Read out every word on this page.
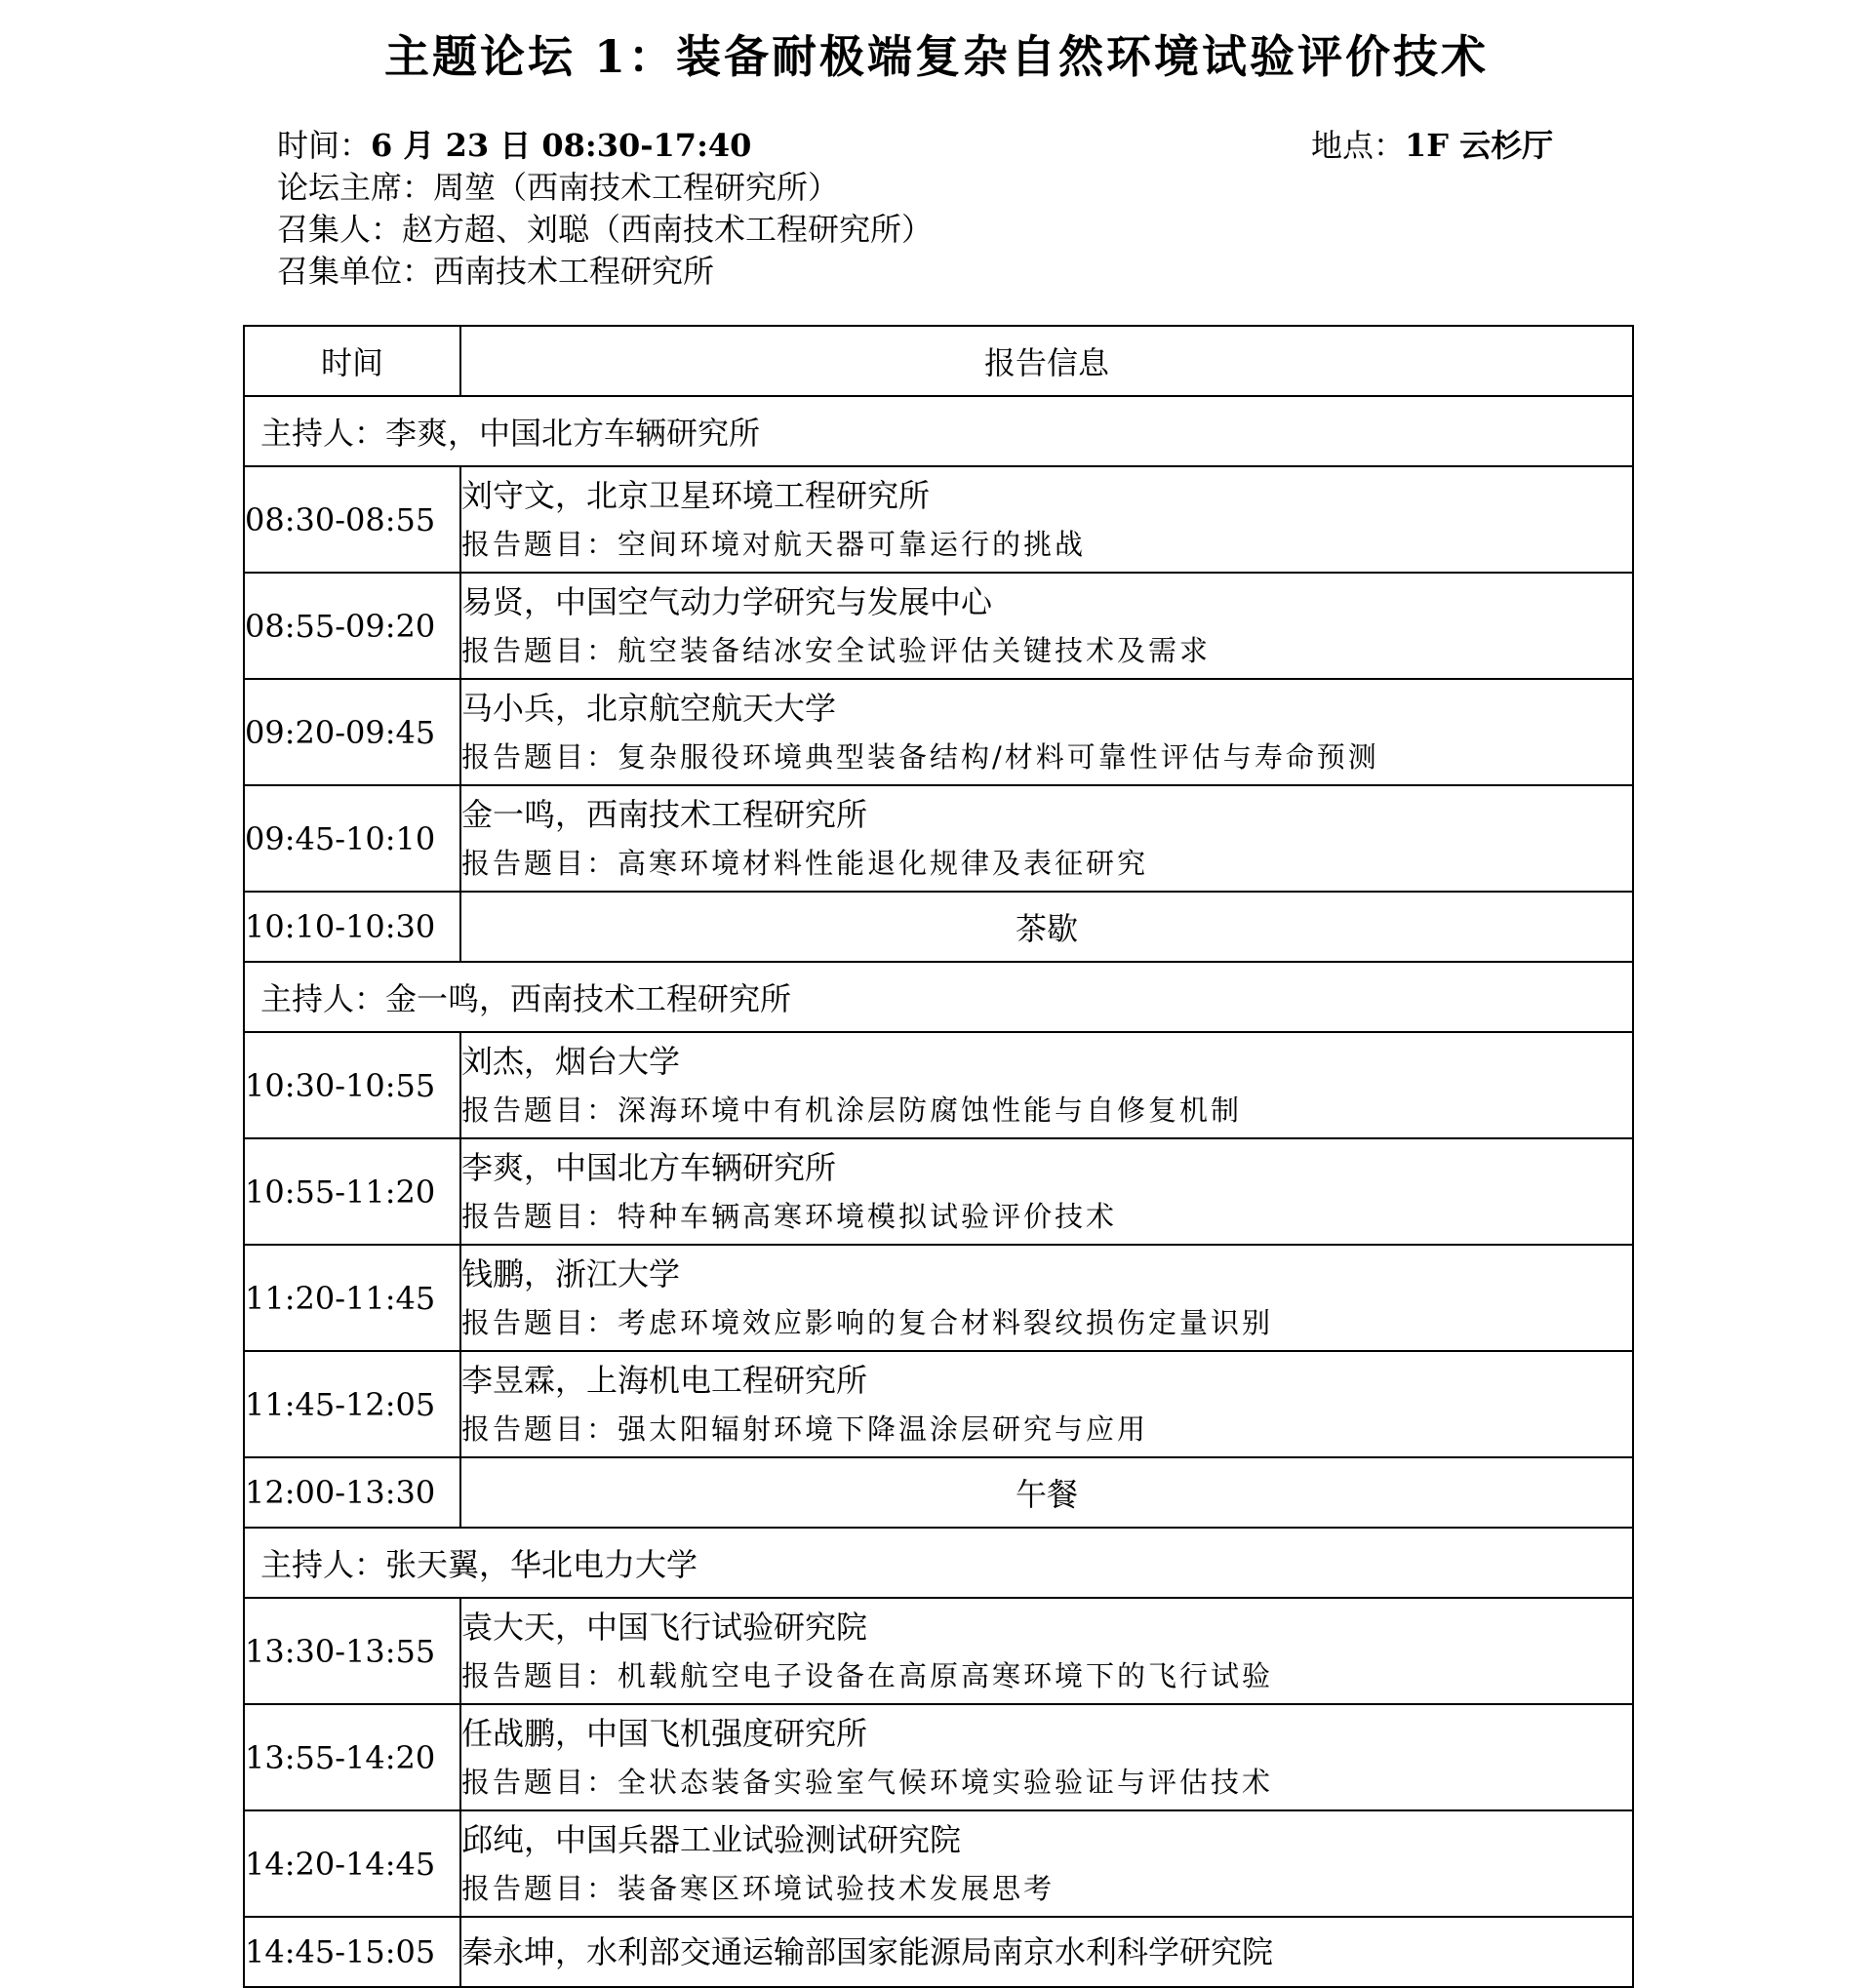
主题论坛 1：装备耐极端复杂自然环境试验评价技术
时间：6 月 23 日 08:30-17:40	地点：1F 云杉厅
论坛主席：周堃（西南技术工程研究所）
召集人：赵方超、刘聪（西南技术工程研究所）
召集单位：西南技术工程研究所
时间	报告信息
主持人：李爽，中国北方车辆研究所	
08:30-08:55	刘守文，北京卫星环境工程研究所
报告题目：空间环境对航天器可靠运行的挑战

08:55-09:20	易贤，中国空气动力学研究与发展中心
报告题目：航空装备结冰安全试验评估关键技术及需求

09:20-09:45	马小兵，北京航空航天大学
报告题目：复杂服役环境典型装备结构/材料可靠性评估与寿命预测

09:45-10:10	金一鸣，西南技术工程研究所
报告题目：高寒环境材料性能退化规律及表征研究

10:10-10:30	茶歇
主持人：金一鸣，西南技术工程研究所	
10:30-10:55	刘杰，烟台大学
报告题目：深海环境中有机涂层防腐蚀性能与自修复机制

10:55-11:20	李爽，中国北方车辆研究所
报告题目：特种车辆高寒环境模拟试验评价技术

11:20-11:45	钱鹏，浙江大学
报告题目：考虑环境效应影响的复合材料裂纹损伤定量识别

11:45-12:05	李昱霖，上海机电工程研究所
报告题目：强太阳辐射环境下降温涂层研究与应用

12:00-13:30	午餐
主持人：张天翼，华北电力大学	
13:30-13:55	袁大天，中国飞行试验研究院
报告题目：机载航空电子设备在高原高寒环境下的飞行试验

13:55-14:20	任战鹏，中国飞机强度研究所
报告题目：全状态装备实验室气候环境实验验证与评估技术

14:20-14:45	邱纯，中国兵器工业试验测试研究院
报告题目：装备寒区环境试验技术发展思考

14:45-15:05	秦永坤，水利部交通运输部国家能源局南京水利科学研究院
